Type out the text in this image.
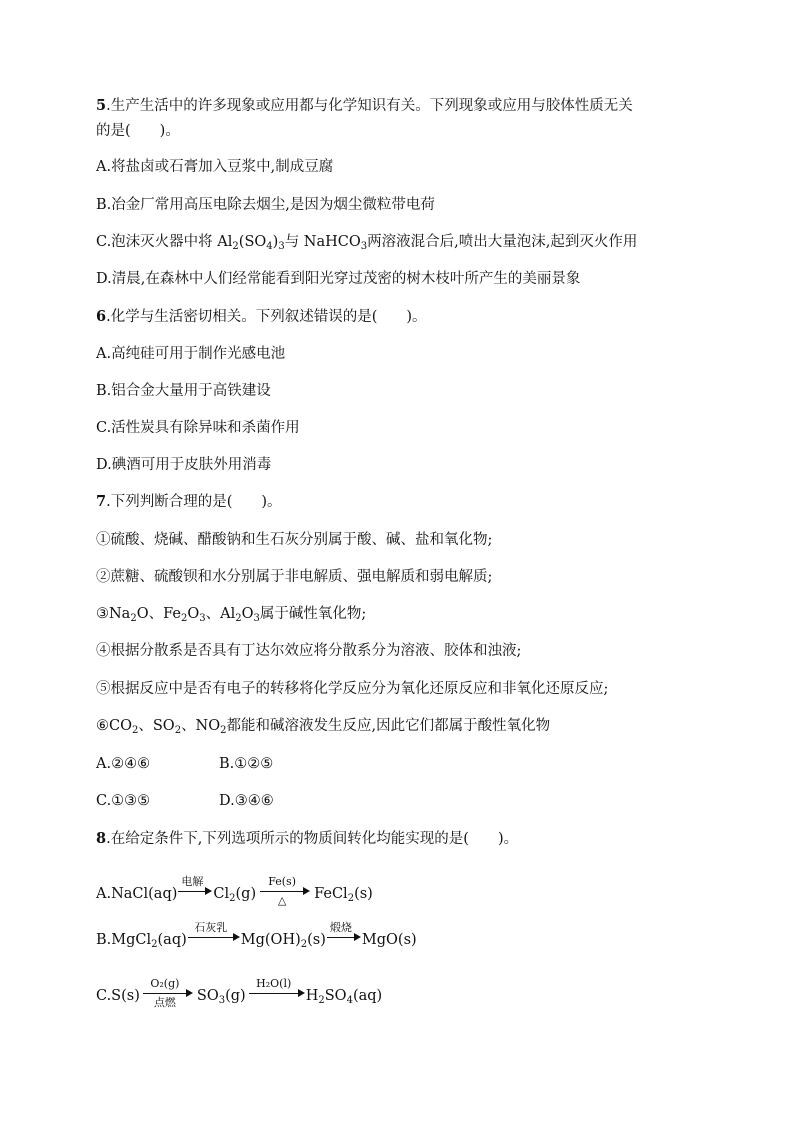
5.生产生活中的许多现象或应用都与化学知识有关。下列现象或应用与胶体性质无关
的是(　　)。
A.将盐卤或石膏加入豆浆中,制成豆腐
B.冶金厂常用高压电除去烟尘,是因为烟尘微粒带电荷
C.泡沫灭火器中将 $Al_2(SO_4)_3$与 NaHCO$_3$两溶液混合后,喷出大量泡沫,起到灭火作用
D.清晨,在森林中人们经常能看到阳光穿过茂密的树木枝叶所产生的美丽景象
6.化学与生活密切相关。下列叙述错误的是(　　)。
A.高纯硅可用于制作光感电池
B.铝合金大量用于高铁建设
C.活性炭具有除异味和杀菌作用
D.碘酒可用于皮肤外用消毒
7.下列判断合理的是(　　)。
①硫酸、烧碱、醋酸钠和生石灰分别属于酸、碱、盐和氧化物;
②蔗糖、硫酸钡和水分别属于非电解质、强电解质和弱电解质;
$③Na_2O$、$Fe_2O_3$、$Al_2O_3$属于碱性氧化物;
④根据分散系是否具有丁达尔效应将分散系分为溶液、胶体和浊液;
⑤根据反应中是否有电子的转移将化学反应分为氧化还原反应和非氧化还原反应;
$⑥CO_2$、$SO_2$、$NO_2$都能和碱溶液发生反应,因此它们都属于酸性氧化物
A.②④⑥	B.①②⑤
C.①③⑤	D.③④⑥
8.在给定条件下,下列选项所示的物质间转化均能实现的是(　　)。
A.NaCl(aq)
电解
$Cl_2(g)$
Fe(s)
△	FeCl$_2$(s)
B.MgCl$_2$(aq)
石灰乳
$Mg(OH)_2(s)$
煅烧
MgO(s)
C.S(s)
O₂(g)
点燃	$SO_3(g)$
H₂O(l)
$H_2SO_4(aq)$
